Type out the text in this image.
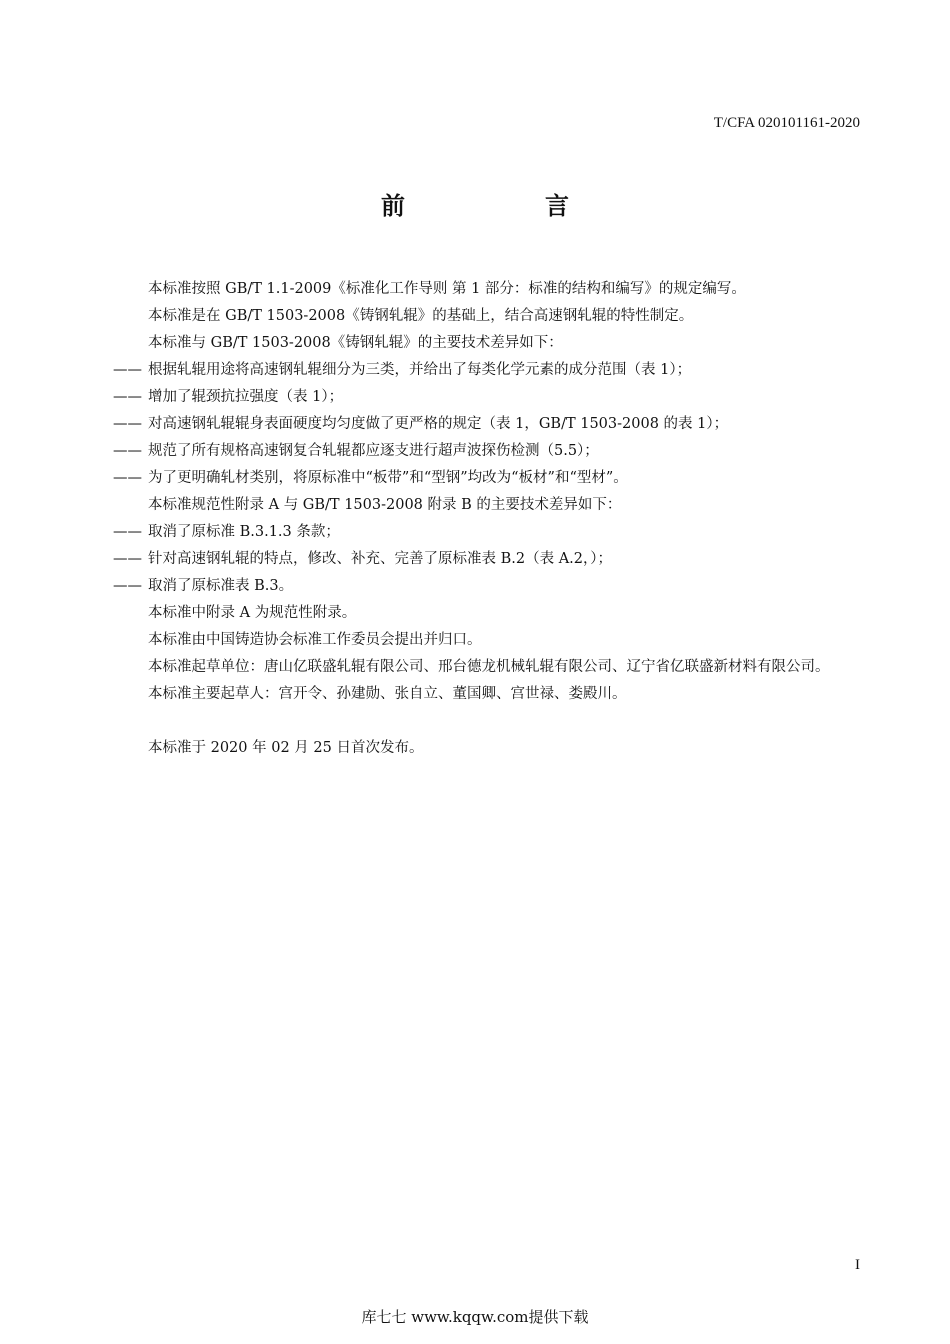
T/CFA 020101161-2020
前　言
本标准按照 GB/T 1.1-2009《标准化工作导则 第 1 部分：标准的结构和编写》的规定编写。
本标准是在 GB/T 1503-2008《铸钢轧辊》的基础上，结合高速钢轧辊的特性制定。
本标准与 GB/T 1503-2008《铸钢轧辊》的主要技术差异如下：
—— 根据轧辊用途将高速钢轧辊细分为三类，并给出了每类化学元素的成分范围（表 1）；
—— 增加了辊颈抗拉强度（表 1）；
—— 对高速钢轧辊辊身表面硬度均匀度做了更严格的规定（表 1，GB/T 1503-2008 的表 1）；
—— 规范了所有规格高速钢复合轧辊都应逐支进行超声波探伤检测（5.5）；
—— 为了更明确轧材类别，将原标准中“板带”和“型钢”均改为“板材”和“型材”。
本标准规范性附录 A 与 GB/T 1503-2008 附录 B 的主要技术差异如下：
—— 取消了原标准 B.3.1.3 条款；
—— 针对高速钢轧辊的特点，修改、补充、完善了原标准表 B.2（表 A.2，）；
—— 取消了原标准表 B.3。
本标准中附录 A 为规范性附录。
本标准由中国铸造协会标准工作委员会提出并归口。
本标准起草单位：唐山亿联盛轧辊有限公司、邢台德龙机械轧辊有限公司、辽宁省亿联盛新材料有限公司。
本标准主要起草人：宫开令、孙建勋、张自立、董国卿、宫世禄、娄殿川。
本标准于 2020 年 02 月 25 日首次发布。
I
库七七 www.kqqw.com提供下载
